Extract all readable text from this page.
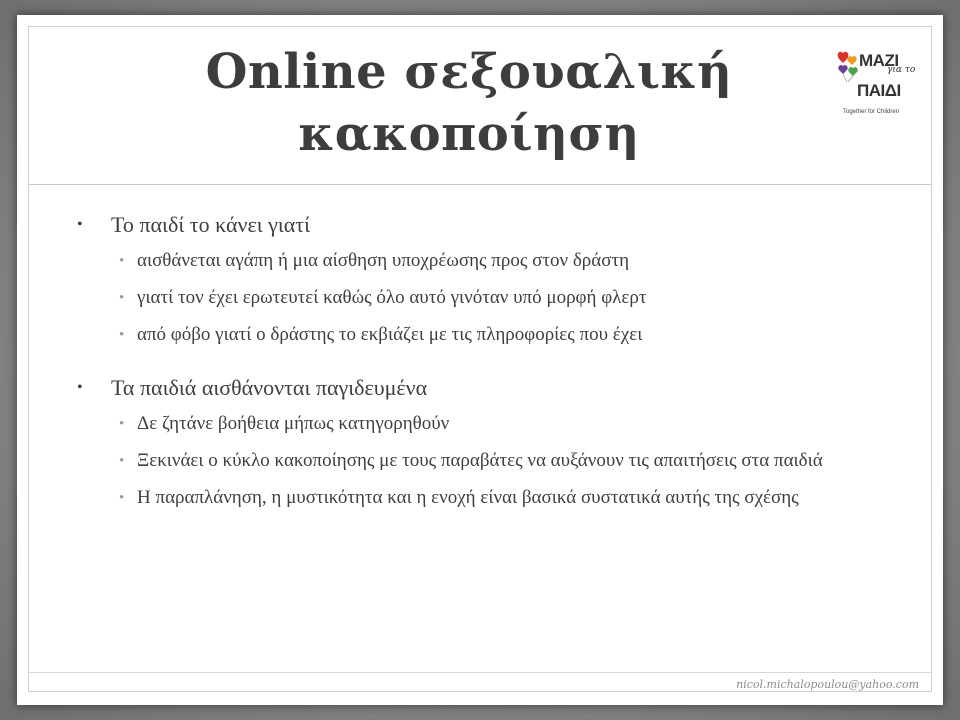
Online σεξουαλική
κακοποίηση
ΜΑΖΙ
για το
ΠΑΙΔΙ
Together for Children
• Το παιδί το κάνει γιατί
• αισθάνεται αγάπη ή μια αίσθηση υποχρέωσης προς στον δράστη
• γιατί τον έχει ερωτευτεί καθώς όλο αυτό γινόταν υπό μορφή φλερτ
• από φόβο γιατί ο δράστης το εκβιάζει με τις πληροφορίες που έχει
• Τα παιδιά αισθάνονται παγιδευμένα
• Δε ζητάνε βοήθεια μήπως κατηγορηθούν
• Ξεκινάει ο κύκλο κακοποίησης με τους παραβάτες να αυξάνουν τις απαιτήσεις στα παιδιά
• Η παραπλάνηση, η μυστικότητα και η ενοχή είναι βασικά συστατικά αυτής της σχέσης
nicol.michalopoulou@yahoo.com
